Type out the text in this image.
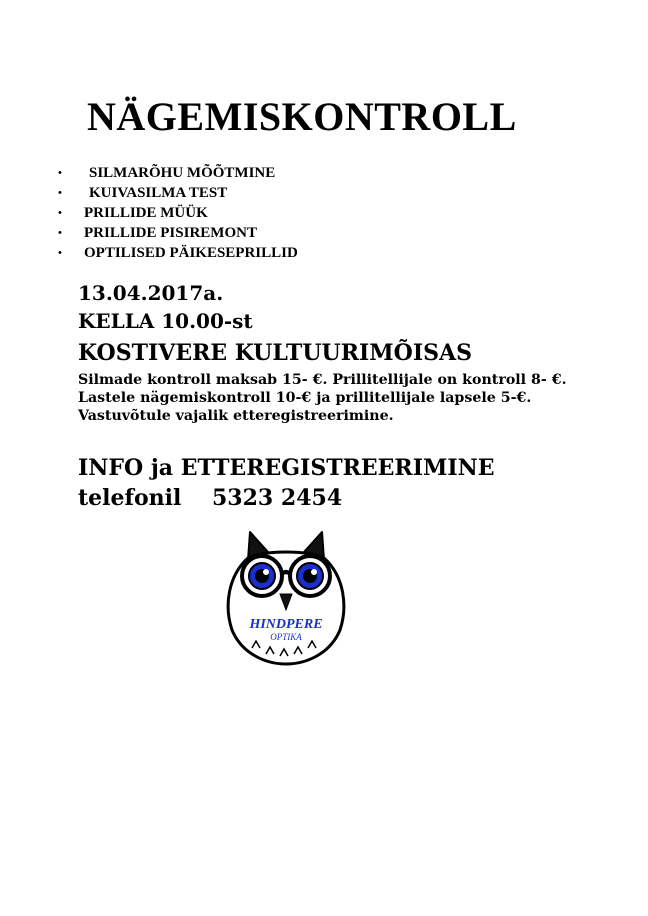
NÄGEMISKONTROLL
• SILMARÕHU MÕÕTMINE
• KUIVASILMA TEST
• PRILLIDE MÜÜK
• PRILLIDE PISIREMONT
• OPTILISED PÄIKESEPRILLID
13.04.2017a.
KELLA 10.00-st
KOSTIVERE KULTUURIMÕISAS
Silmade kontroll maksab 15- €. Prillitellijale on kontroll 8- €.
Lastele nägemiskontroll 10-€ ja prillitellijale lapsele 5-€.
Vastuvõtule vajalik etteregistreerimine.
INFO ja ETTEREGISTREERIMINE
telefonil 5323 2454
HINDPERE
OPTIKA
